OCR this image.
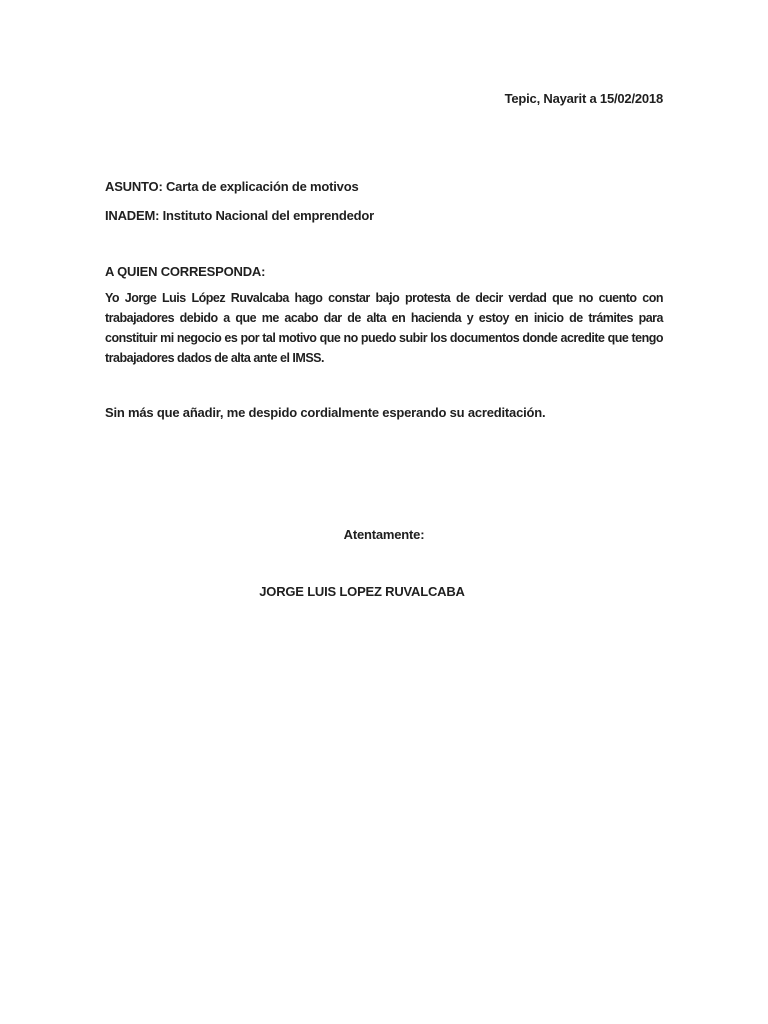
Tepic, Nayarit a 15/02/2018
ASUNTO: Carta de explicación de motivos
INADEM: Instituto Nacional del emprendedor
A QUIEN CORRESPONDA:
Yo Jorge Luis López Ruvalcaba hago constar bajo protesta de decir verdad que no cuento con trabajadores debido a que me acabo dar de alta en hacienda y estoy en inicio de trámites para constituir mi negocio es por tal motivo que no puedo subir los documentos donde acredite que tengo trabajadores dados de alta ante el IMSS.
Sin más que añadir, me despido cordialmente esperando su acreditación.
Atentamente:
JORGE LUIS LOPEZ RUVALCABA
